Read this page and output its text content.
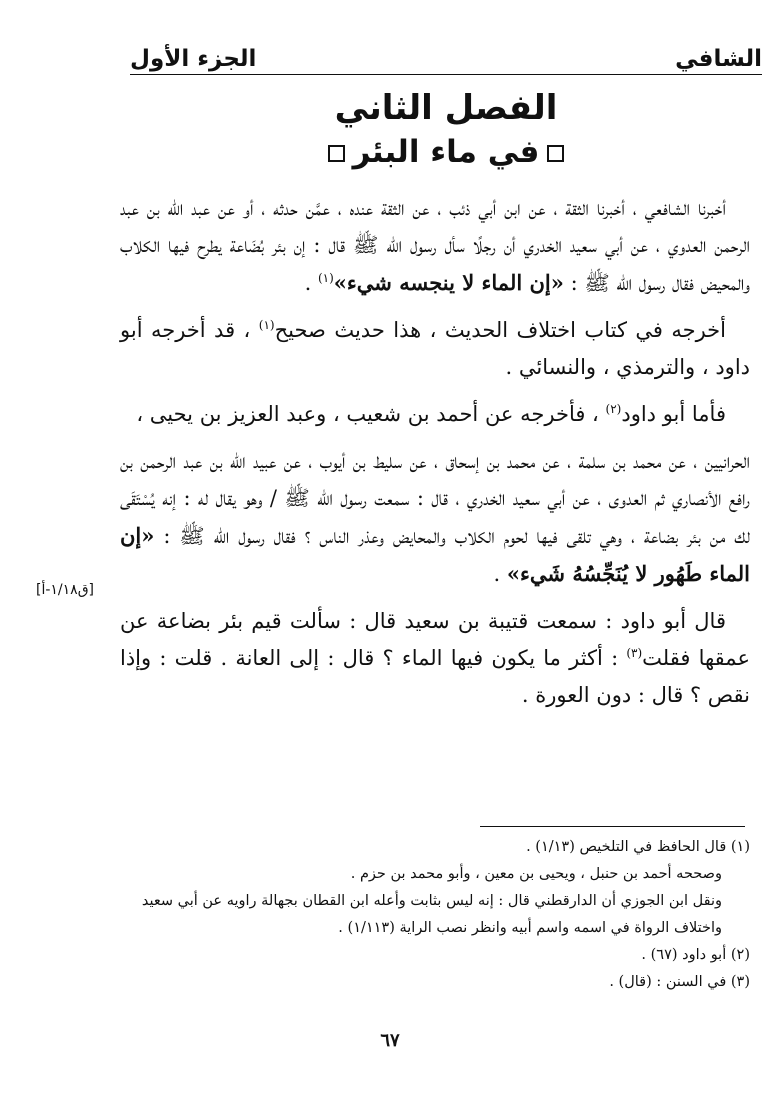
الشافي
الجزء الأول
الفصل الثاني
في ماء البئر

أخبرنا الشافعي ، أخبرنا الثقة ، عن ابن أبي ذئب ، عن الثقة عنده ، عمَّن حدثه ، أو عن عبد اللّٰه بن عبد الرحمن العدوي ، عن أبي سعيد الخدري أن رجلًا سأل رسول اللّٰه ﷺ قال : إن بئر بُضَاعة يطرح فيها الكلاب والمحيض فقال رسول اللّٰه ﷺ : «إن الماء لا ينجسه شيء»$^{(١)}$ .

أخرجه في كتاب اختلاف الحديث ، هذا حديث صحيح$^{(١)}$ ، قد أخرجه أبو داود ، والترمذي ، والنسائي .

فأما أبو داود$^{(٢)}$ ، فأخرجه عن أحمد بن شعيب ، وعبد العزيز بن يحيى ،

الحرانيين ، عن محمد بن سلمة ، عن محمد بن إسحاق ، عن سليط بن أيوب ، عن عبيد اللّٰه بن عبد الرحمن بن رافع الأنصاري ثم العدوى ، عن أبي سعيد الخدري ، قال : سمعت رسول اللّٰه ﷺ / وهو يقال له : إنه يُسْتَقَى لك من بئر بضاعة ، وهي تلقى فيها لحوم الكلاب والمحايض وعذر الناس ؟ فقال رسول اللّٰه ﷺ : «إن الماء طَهُور لا يُنَجِّسُهُ شَيء» .

قال أبو داود : سمعت قتيبة بن سعيد قال : سألت قيم بئر بضاعة عن عمقها فقلت$^{(٣)}$ : أكثر ما يكون فيها الماء ؟ قال : إلى العانة . قلت : وإذا نقص ؟ قال : دون العورة .

[ق١/١٨-أ]

(١) قال الحافظ في التلخيص (١/١٣) .

وصححه أحمد بن حنبل ، ويحيى بن معين ، وأبو محمد بن حزم .

ونقل ابن الجوزي أن الدارقطني قال : إنه ليس بثابت وأعله ابن القطان بجهالة راويه عن أبي سعيد

واختلاف الرواة في اسمه واسم أبيه وانظر نصب الراية (١/١١٣) .

(٢) أبو داود (٦٧) .

(٣) في السنن : (قال) .

٦٧
